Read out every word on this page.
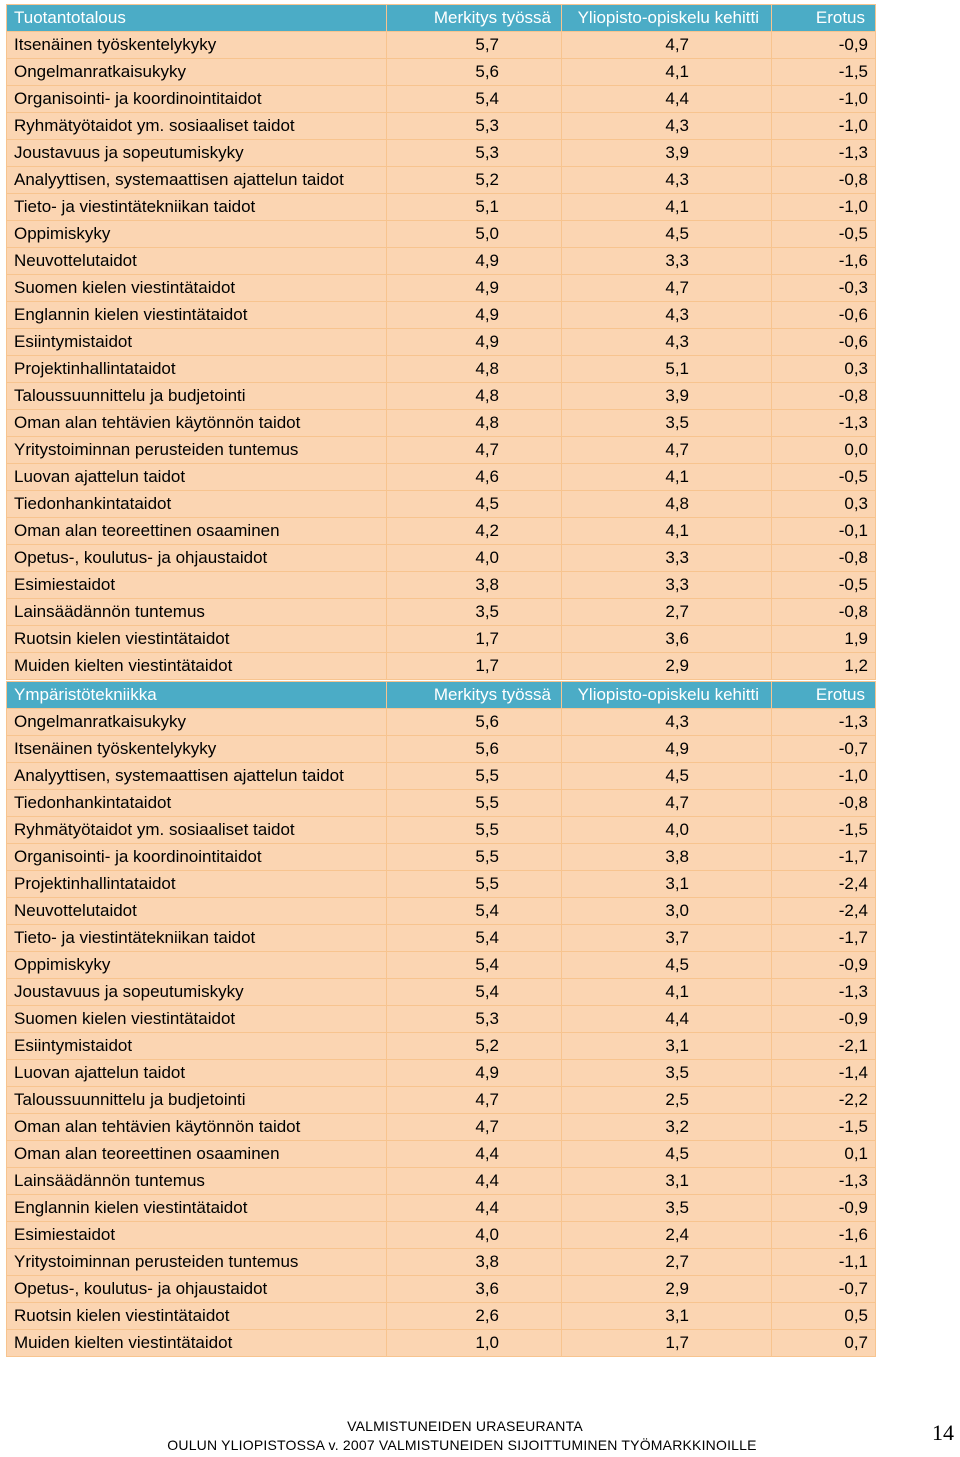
Tuotantotalous	Merkitys työssä	Yliopisto-opiskelu kehitti	Erotus
Itsenäinen työskentelykyky	5,7	4,7	-0,9
Ongelmanratkaisukyky	5,6	4,1	-1,5
Organisointi- ja koordinointitaidot	5,4	4,4	-1,0
Ryhmätyötaidot ym. sosiaaliset taidot	5,3	4,3	-1,0
Joustavuus ja sopeutumiskyky	5,3	3,9	-1,3
Analyyttisen, systemaattisen ajattelun taidot	5,2	4,3	-0,8
Tieto- ja viestintätekniikan taidot	5,1	4,1	-1,0
Oppimiskyky	5,0	4,5	-0,5
Neuvottelutaidot	4,9	3,3	-1,6
Suomen kielen viestintätaidot	4,9	4,7	-0,3
Englannin kielen viestintätaidot	4,9	4,3	-0,6
Esiintymistaidot	4,9	4,3	-0,6
Projektinhallintataidot	4,8	5,1	0,3
Taloussuunnittelu ja budjetointi	4,8	3,9	-0,8
Oman alan tehtävien käytönnön taidot	4,8	3,5	-1,3
Yritystoiminnan perusteiden tuntemus	4,7	4,7	0,0
Luovan ajattelun taidot	4,6	4,1	-0,5
Tiedonhankintataidot	4,5	4,8	0,3
Oman alan teoreettinen osaaminen	4,2	4,1	-0,1
Opetus-, koulutus- ja ohjaustaidot	4,0	3,3	-0,8
Esimiestaidot	3,8	3,3	-0,5
Lainsäädännön tuntemus	3,5	2,7	-0,8
Ruotsin kielen viestintätaidot	1,7	3,6	1,9
Muiden kielten viestintätaidot	1,7	2,9	1,2
Ympäristötekniikka	Merkitys työssä	Yliopisto-opiskelu kehitti	Erotus
Ongelmanratkaisukyky	5,6	4,3	-1,3
Itsenäinen työskentelykyky	5,6	4,9	-0,7
Analyyttisen, systemaattisen ajattelun taidot	5,5	4,5	-1,0
Tiedonhankintataidot	5,5	4,7	-0,8
Ryhmätyötaidot ym. sosiaaliset taidot	5,5	4,0	-1,5
Organisointi- ja koordinointitaidot	5,5	3,8	-1,7
Projektinhallintataidot	5,5	3,1	-2,4
Neuvottelutaidot	5,4	3,0	-2,4
Tieto- ja viestintätekniikan taidot	5,4	3,7	-1,7
Oppimiskyky	5,4	4,5	-0,9
Joustavuus ja sopeutumiskyky	5,4	4,1	-1,3
Suomen kielen viestintätaidot	5,3	4,4	-0,9
Esiintymistaidot	5,2	3,1	-2,1
Luovan ajattelun taidot	4,9	3,5	-1,4
Taloussuunnittelu ja budjetointi	4,7	2,5	-2,2
Oman alan tehtävien käytönnön taidot	4,7	3,2	-1,5
Oman alan teoreettinen osaaminen	4,4	4,5	0,1
Lainsäädännön tuntemus	4,4	3,1	-1,3
Englannin kielen viestintätaidot	4,4	3,5	-0,9
Esimiestaidot	4,0	2,4	-1,6
Yritystoiminnan perusteiden tuntemus	3,8	2,7	-1,1
Opetus-, koulutus- ja ohjaustaidot	3,6	2,9	-0,7
Ruotsin kielen viestintätaidot	2,6	3,1	0,5
Muiden kielten viestintätaidot	1,0	1,7	0,7
VALMISTUNEIDEN URASEURANTA
OULUN YLIOPISTOSSA v. 2007 VALMISTUNEIDEN SIJOITTUMINEN TYÖMARKKINOILLE	14
